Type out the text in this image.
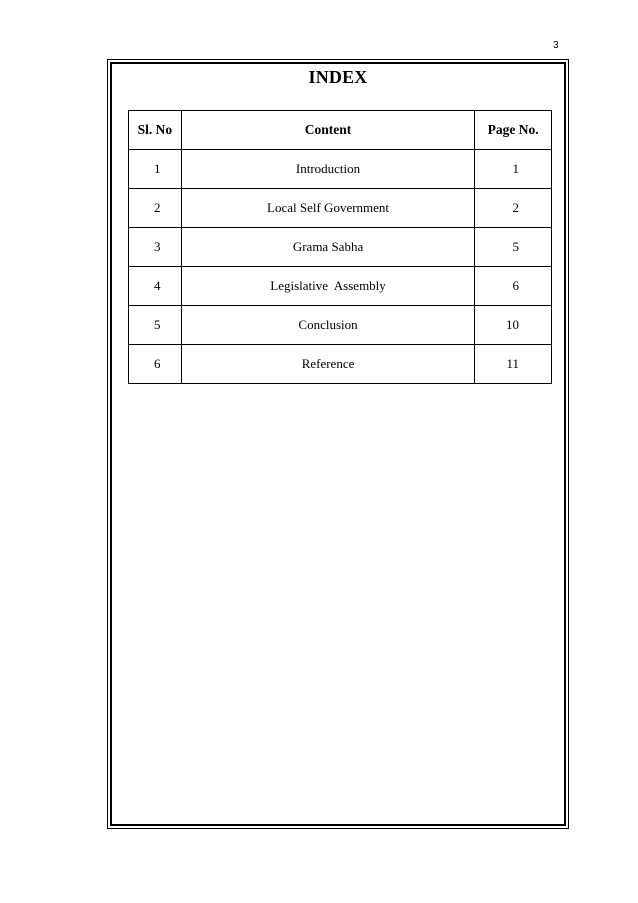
3
INDEX
Sl. No	Content	Page No.
1	Introduction	1
2	Local Self Government	2
3	Grama Sabha	5
4	Legislative  Assembly	6
5	Conclusion	10
6	Reference	11
